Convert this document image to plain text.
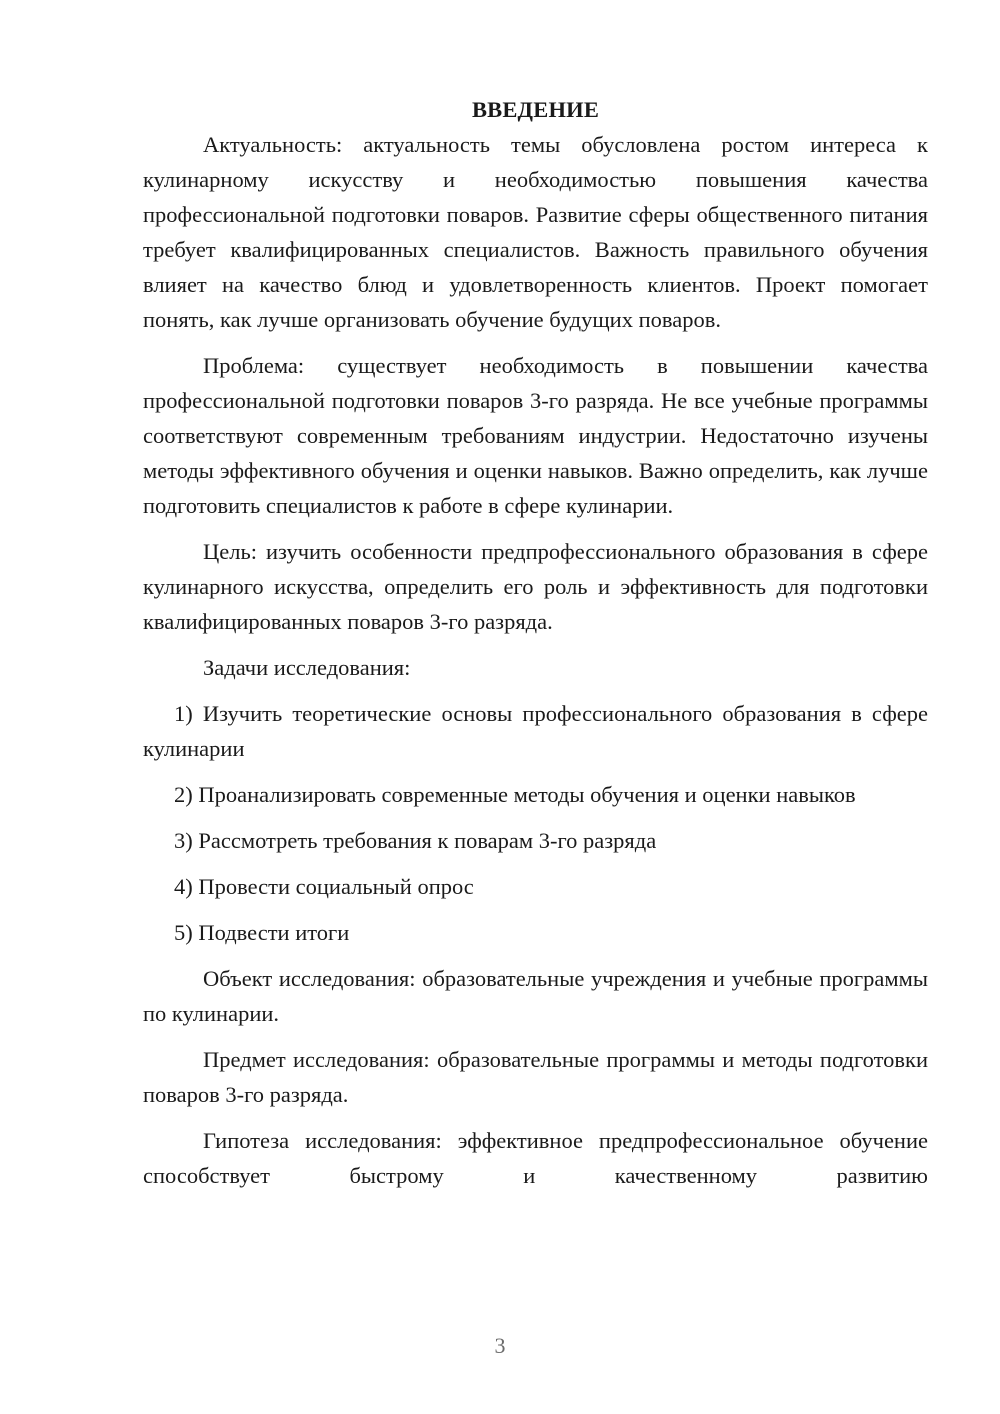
ВВЕДЕНИЕ

Актуальность: актуальность темы обусловлена ростом интереса к кулинарному искусству и необходимостью повышения качества профессиональной подготовки поваров. Развитие сферы общественного питания требует квалифицированных специалистов. Важность правильного обучения влияет на качество блюд и удовлетворенность клиентов. Проект помогает понять, как лучше организовать обучение будущих поваров.

Проблема: существует необходимость в повышении качества профессиональной подготовки поваров 3-го разряда. Не все учебные программы соответствуют современным требованиям индустрии. Недостаточно изучены методы эффективного обучения и оценки навыков. Важно определить, как лучше подготовить специалистов к работе в сфере кулинарии.

Цель: изучить особенности предпрофессионального образования в сфере кулинарного искусства, определить его роль и эффективность для подготовки квалифицированных поваров 3-го разряда.

Задачи исследования:

1) Изучить теоретические основы профессионального образования в сфере кулинарии

2) Проанализировать современные методы обучения и оценки навыков

3) Рассмотреть требования к поварам 3-го разряда

4) Провести социальный опрос

5) Подвести итоги

Объект исследования: образовательные учреждения и учебные программы по кулинарии.

Предмет исследования: образовательные программы и методы подготовки поваров 3-го разряда.

Гипотеза исследования: эффективное предпрофессиональное обучение способствует быстрому и качественному развитию

3
